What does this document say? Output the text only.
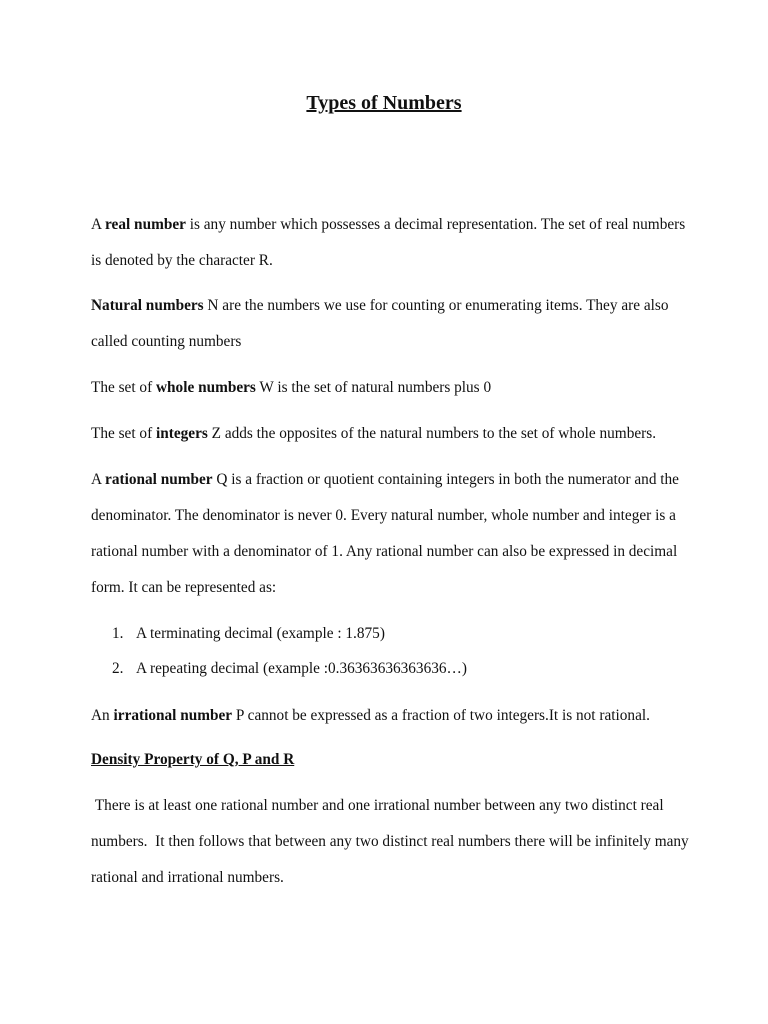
Types of Numbers

A real number is any number which possesses a decimal representation. The set of real numbers is denoted by the character R.

Natural numbers N are the numbers we use for counting or enumerating items. They are also called counting numbers

The set of whole numbers W is the set of natural numbers plus 0

The set of integers Z adds the opposites of the natural numbers to the set of whole numbers.

A rational number Q is a fraction or quotient containing integers in both the numerator and the denominator. The denominator is never 0. Every natural number, whole number and integer is a rational number with a denominator of 1. Any rational number can also be expressed in decimal form. It can be represented as:

1. A terminating decimal (example : 1.875)
2. A repeating decimal (example :0.36363636363636…)

An irrational number P cannot be expressed as a fraction of two integers.It is not rational.

Density Property of Q, P and R

There is at least one rational number and one irrational number between any two distinct real numbers.  It then follows that between any two distinct real numbers there will be infinitely many rational and irrational numbers.
